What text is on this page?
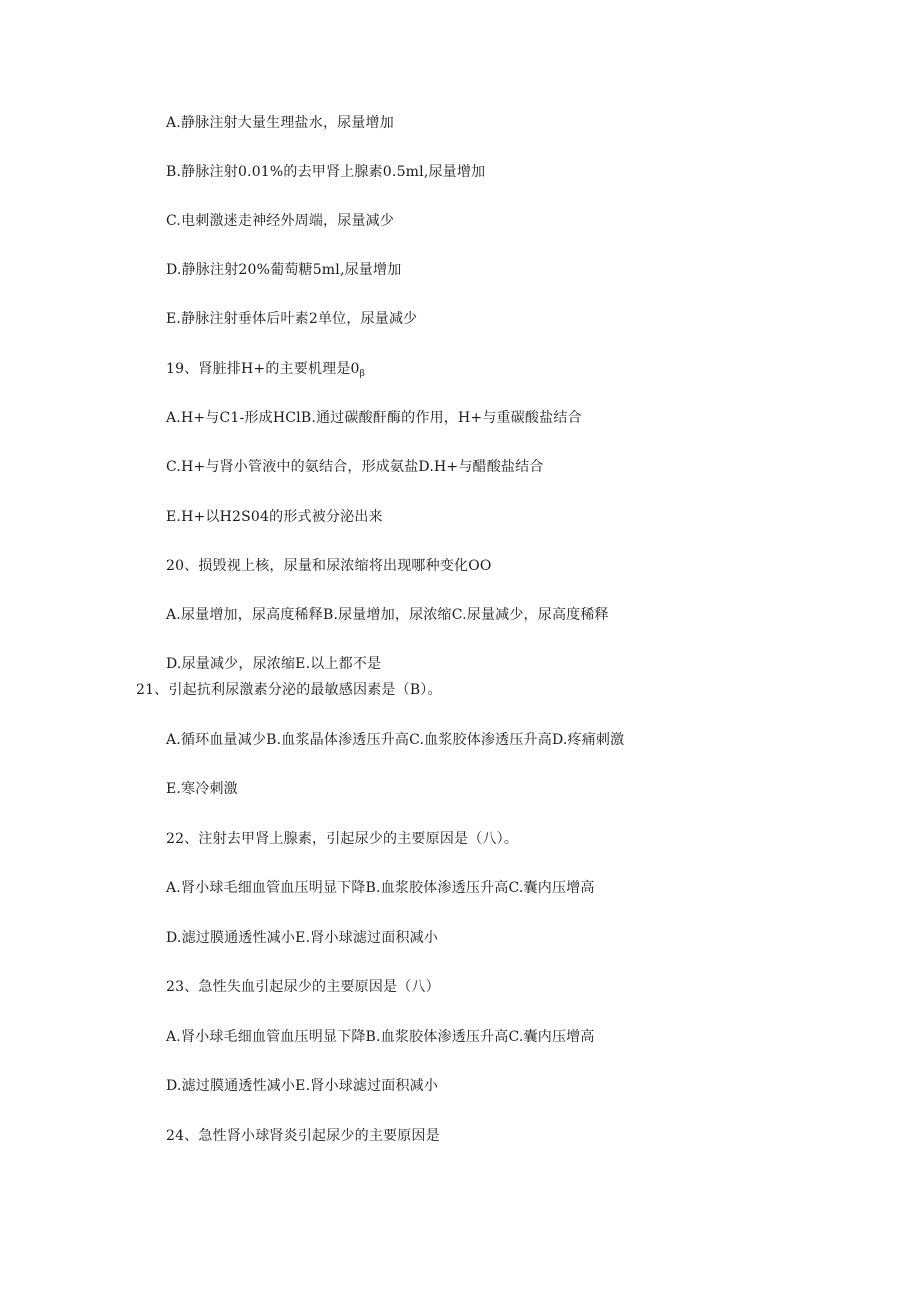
A.静脉注射大量生理盐水，尿量增加
B.静脉注射0.01%的去甲肾上腺素0.5ml,尿量增加
C.电刺激迷走神经外周端，尿量减少
D.静脉注射20%葡萄糖5ml,尿量增加
E.静脉注射垂体后叶素2单位，尿量减少
19、肾脏排H+的主要机理是$0_\beta$
A.H+与C1-形成HClB.通过碳酸酐酶的作用，H+与重碳酸盐结合
C.H+与肾小管液中的氨结合，形成氨盐D.H+与醋酸盐结合
E.H+以H2S04的形式被分泌出来
20、损毁视上核，尿量和尿浓缩将出现哪种变化OO
A.尿量增加，尿高度稀释B.尿量增加，尿浓缩C.尿量减少，尿高度稀释
D.尿量减少，尿浓缩E.以上都不是
21、引起抗利尿激素分泌的最敏感因素是（B）。
A.循环血量减少B.血浆晶体渗透压升高C.血浆胶体渗透压升高D.疼痛刺激
E.寒冷刺激
22、注射去甲肾上腺素，引起尿少的主要原因是（八）。
A.肾小球毛细血管血压明显下降B.血浆胶体渗透压升高C.囊内压增高
D.滤过膜通透性减小E.肾小球滤过面积减小
23、急性失血引起尿少的主要原因是（八）
A.肾小球毛细血管血压明显下降B.血浆胶体渗透压升高C.囊内压增高
D.滤过膜通透性减小E.肾小球滤过面积减小
24、急性肾小球肾炎引起尿少的主要原因是
